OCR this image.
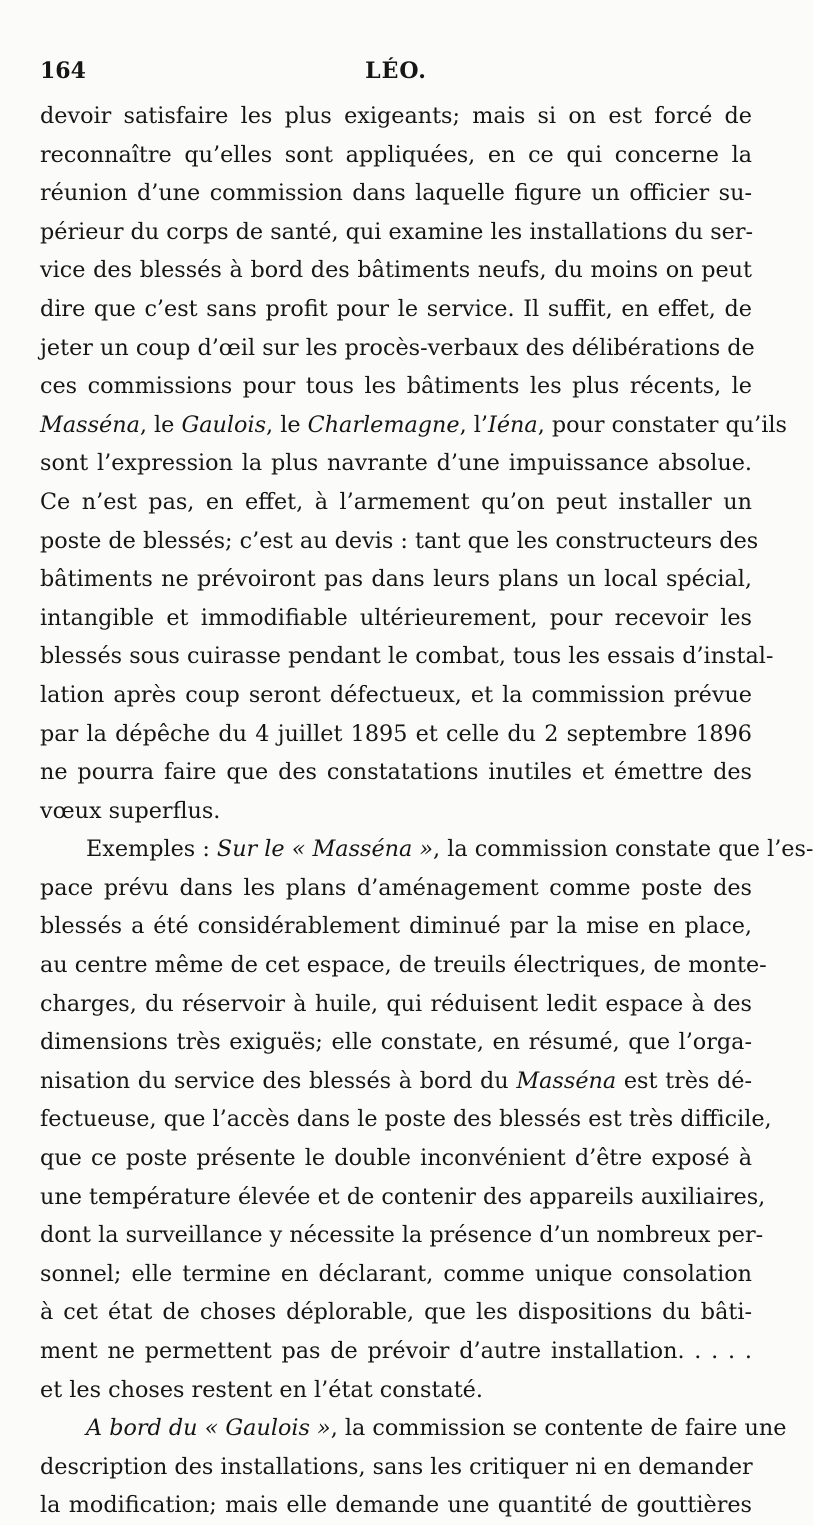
164	LÉO.
devoir satisfaire les plus exigeants; mais si on est forcé de
reconnaître qu’elles sont appliquées, en ce qui concerne la
réunion d’une commission dans laquelle figure un officier su-
périeur du corps de santé, qui examine les installations du ser-
vice des blessés à bord des bâtiments neufs, du moins on peut
dire que c’est sans profit pour le service. Il suffit, en effet, de
jeter un coup d’œil sur les procès-verbaux des délibérations de
ces commissions pour tous les bâtiments les plus récents, le
Masséna, le Gaulois, le Charlemagne, l’Iéna, pour constater qu’ils
sont l’expression la plus navrante d’une impuissance absolue.
Ce n’est pas, en effet, à l’armement qu’on peut installer un
poste de blessés; c’est au devis : tant que les constructeurs des
bâtiments ne prévoiront pas dans leurs plans un local spécial,
intangible et immodifiable ultérieurement, pour recevoir les
blessés sous cuirasse pendant le combat, tous les essais d’instal-
lation après coup seront défectueux, et la commission prévue
par la dépêche du 4 juillet 1895 et celle du 2 septembre 1896
ne pourra faire que des constatations inutiles et émettre des
vœux superflus.
Exemples : Sur le « Masséna », la commission constate que l’es-
pace prévu dans les plans d’aménagement comme poste des
blessés a été considérablement diminué par la mise en place,
au centre même de cet espace, de treuils électriques, de monte-
charges, du réservoir à huile, qui réduisent ledit espace à des
dimensions très exiguës; elle constate, en résumé, que l’orga-
nisation du service des blessés à bord du Masséna est très dé-
fectueuse, que l’accès dans le poste des blessés est très difficile,
que ce poste présente le double inconvénient d’être exposé à
une température élevée et de contenir des appareils auxiliaires,
dont la surveillance y nécessite la présence d’un nombreux per-
sonnel; elle termine en déclarant, comme unique consolation
à cet état de choses déplorable, que les dispositions du bâti-
ment ne permettent pas de prévoir d’autre installation. . . . .
et les choses restent en l’état constaté.
A bord du « Gaulois », la commission se contente de faire une
description des installations, sans les critiquer ni en demander
la modification; mais elle demande une quantité de gouttières
